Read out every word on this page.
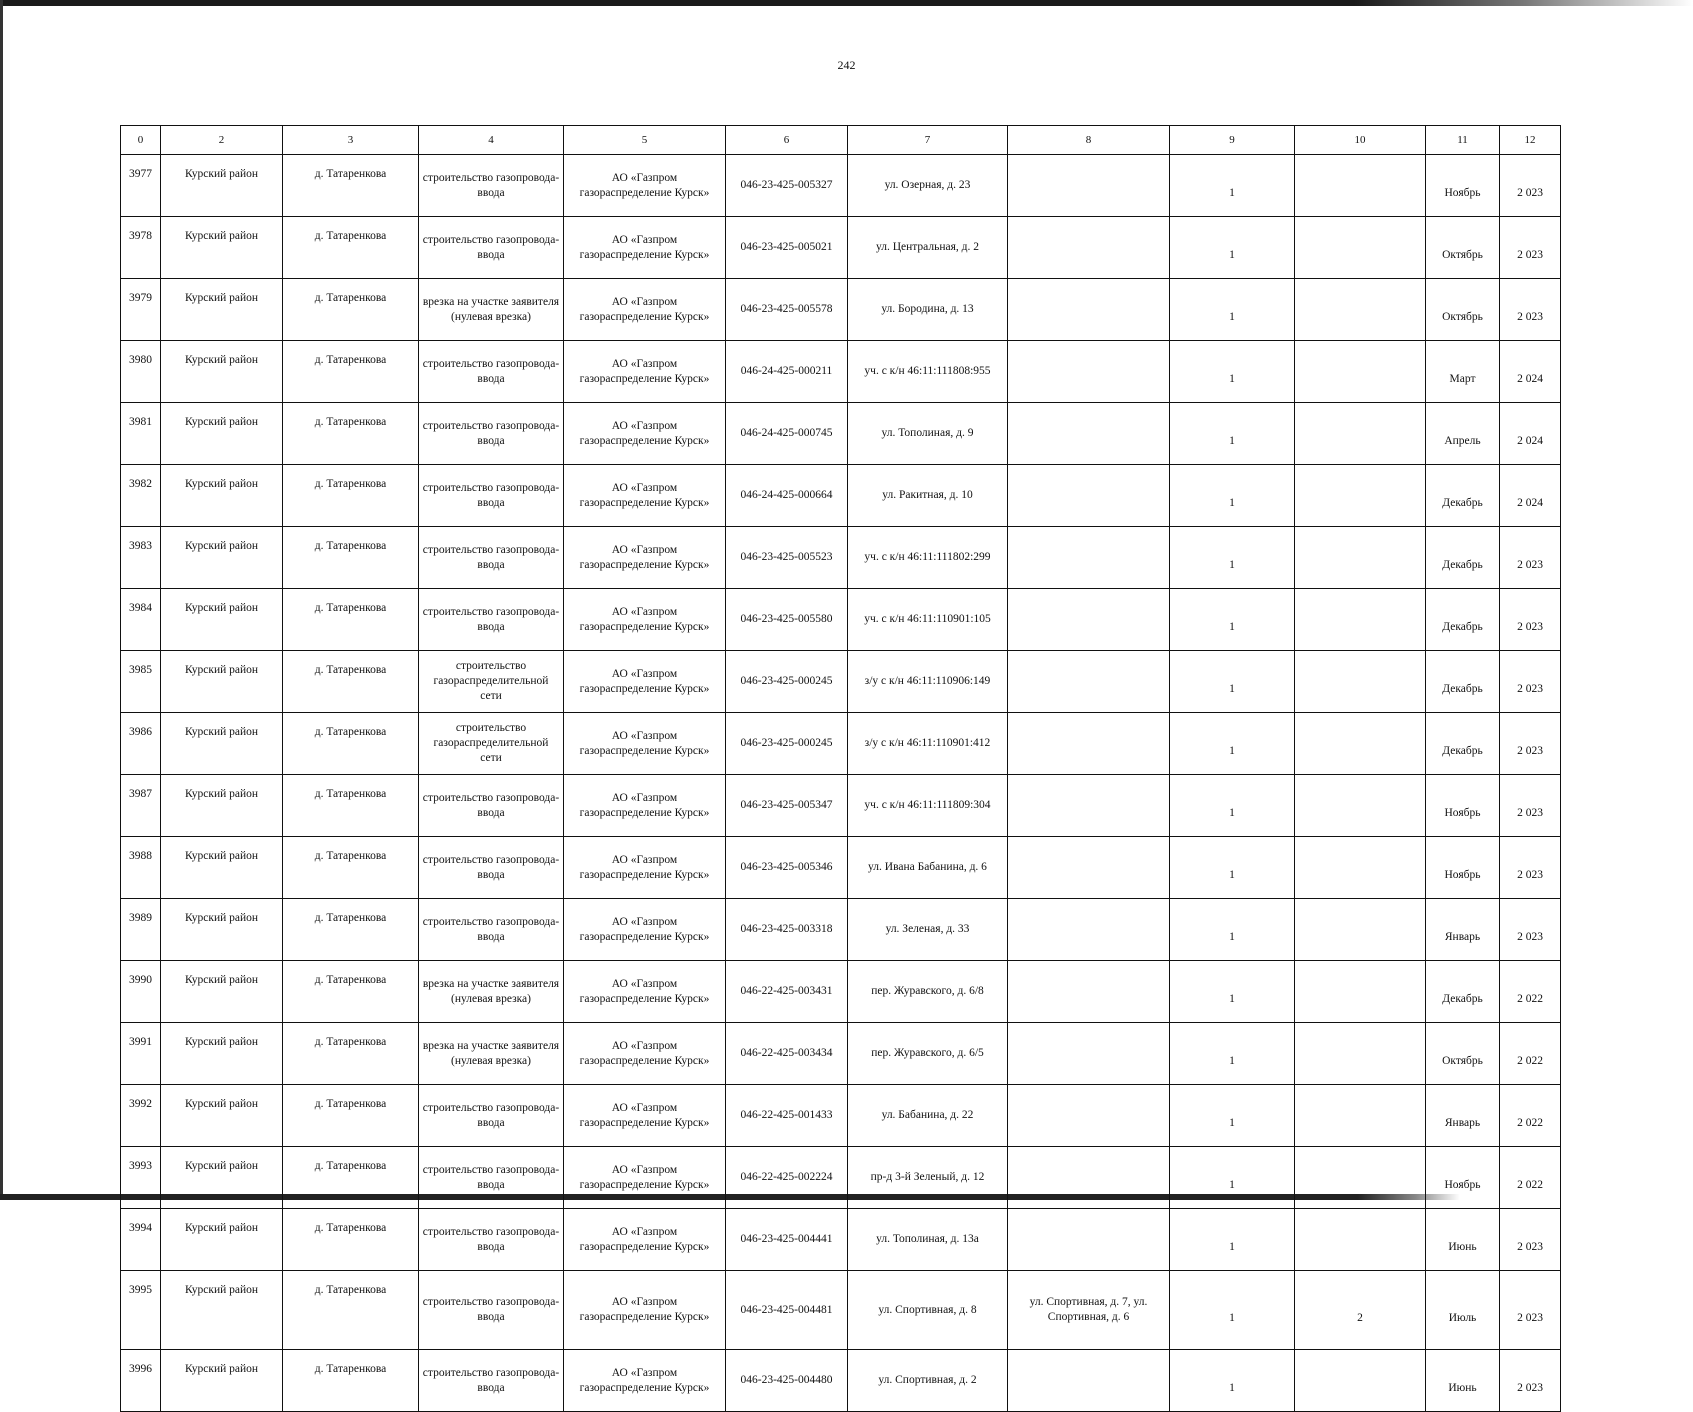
242
0	2	3	4	5	6	7	8	9	10	11	12
3977	Курский район	д. Татаренкова	строительство газопровода-ввода	АО «Газпром газораспределение Курск»	046-23-425-005327	ул. Озерная, д. 23		1		Ноябрь	2 023
3978	Курский район	д. Татаренкова	строительство газопровода-ввода	АО «Газпром газораспределение Курск»	046-23-425-005021	ул. Центральная, д. 2		1		Октябрь	2 023
3979	Курский район	д. Татаренкова	врезка на участке заявителя (нулевая врезка)	АО «Газпром газораспределение Курск»	046-23-425-005578	ул. Бородина, д. 13		1		Октябрь	2 023
3980	Курский район	д. Татаренкова	строительство газопровода-ввода	АО «Газпром газораспределение Курск»	046-24-425-000211	уч. с к/н 46:11:111808:955		1		Март	2 024
3981	Курский район	д. Татаренкова	строительство газопровода-ввода	АО «Газпром газораспределение Курск»	046-24-425-000745	ул. Тополиная, д. 9		1		Апрель	2 024
3982	Курский район	д. Татаренкова	строительство газопровода-ввода	АО «Газпром газораспределение Курск»	046-24-425-000664	ул. Ракитная, д. 10		1		Декабрь	2 024
3983	Курский район	д. Татаренкова	строительство газопровода-ввода	АО «Газпром газораспределение Курск»	046-23-425-005523	уч. с к/н 46:11:111802:299		1		Декабрь	2 023
3984	Курский район	д. Татаренкова	строительство газопровода-ввода	АО «Газпром газораспределение Курск»	046-23-425-005580	уч. с к/н 46:11:110901:105		1		Декабрь	2 023
3985	Курский район	д. Татаренкова	строительство газораспределительной сети	АО «Газпром газораспределение Курск»	046-23-425-000245	з/у с к/н 46:11:110906:149		1		Декабрь	2 023
3986	Курский район	д. Татаренкова	строительство газораспределительной сети	АО «Газпром газораспределение Курск»	046-23-425-000245	з/у с к/н 46:11:110901:412		1		Декабрь	2 023
3987	Курский район	д. Татаренкова	строительство газопровода-ввода	АО «Газпром газораспределение Курск»	046-23-425-005347	уч. с к/н 46:11:111809:304		1		Ноябрь	2 023
3988	Курский район	д. Татаренкова	строительство газопровода-ввода	АО «Газпром газораспределение Курск»	046-23-425-005346	ул. Ивана Бабанина, д. 6		1		Ноябрь	2 023
3989	Курский район	д. Татаренкова	строительство газопровода-ввода	АО «Газпром газораспределение Курск»	046-23-425-003318	ул. Зеленая, д. 33		1		Январь	2 023
3990	Курский район	д. Татаренкова	врезка на участке заявителя (нулевая врезка)	АО «Газпром газораспределение Курск»	046-22-425-003431	пер. Журавского, д. 6/8		1		Декабрь	2 022
3991	Курский район	д. Татаренкова	врезка на участке заявителя (нулевая врезка)	АО «Газпром газораспределение Курск»	046-22-425-003434	пер. Журавского, д. 6/5		1		Октябрь	2 022
3992	Курский район	д. Татаренкова	строительство газопровода-ввода	АО «Газпром газораспределение Курск»	046-22-425-001433	ул. Бабанина, д. 22		1		Январь	2 022
3993	Курский район	д. Татаренкова	строительство газопровода-ввода	АО «Газпром газораспределение Курск»	046-22-425-002224	пр-д 3-й Зеленый, д. 12		1		Ноябрь	2 022
3994	Курский район	д. Татаренкова	строительство газопровода-ввода	АО «Газпром газораспределение Курск»	046-23-425-004441	ул. Тополиная, д. 13а		1		Июнь	2 023
3995	Курский район	д. Татаренкова	строительство газопровода-ввода	АО «Газпром газораспределение Курск»	046-23-425-004481	ул. Спортивная, д. 8	ул. Спортивная, д. 7, ул. Спортивная, д. 6	1	2	Июль	2 023
3996	Курский район	д. Татаренкова	строительство газопровода-ввода	АО «Газпром газораспределение Курск»	046-23-425-004480	ул. Спортивная, д. 2		1		Июнь	2 023
